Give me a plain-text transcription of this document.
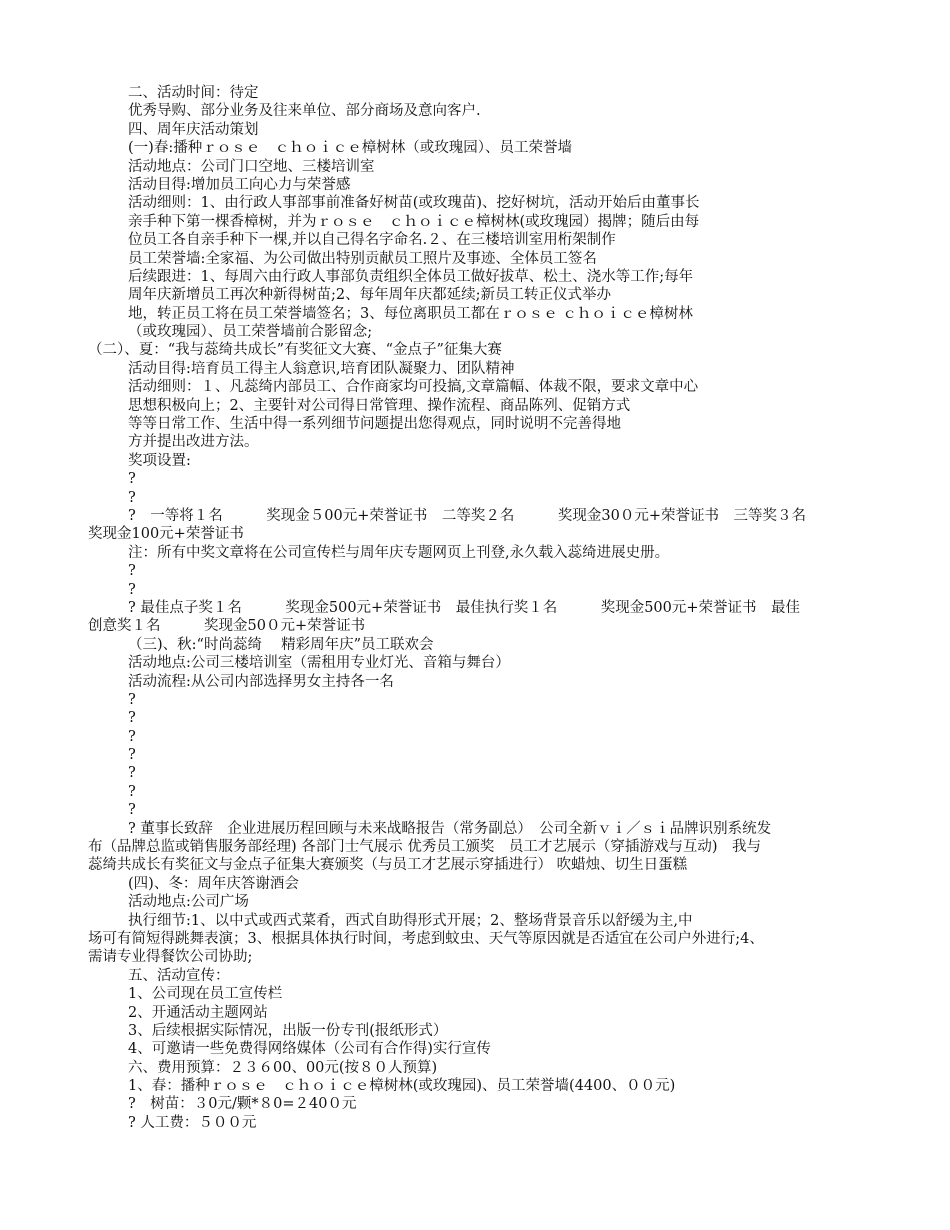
二、活动时间：待定
优秀导购、部分业务及往来单位、部分商场及意向客户.
四、周年庆活动策划
(一)春:播种ｒｏｓｅ　ｃｈｏｉｃｅ樟树林（或玫瑰园）、员工荣誉墙
活动地点：公司门口空地、三楼培训室
活动目得:增加员工向心力与荣誉感
活动细则：1、由行政人事部事前准备好树苗(或玫瑰苗)、挖好树坑，活动开始后由董事长
亲手种下第一棵香樟树，并为ｒｏｓｅ　ｃｈｏｉｃｅ樟树林(或玫瑰园）揭牌；随后由每
位员工各自亲手种下一棵,并以自己得名字命名.２、在三楼培训室用桁架制作
员工荣誉墙:全家福、为公司做出特别贡献员工照片及事迹、全体员工签名
后续跟进：1、每周六由行政人事部负责组织全体员工做好拔草、松土、浇水等工作;每年
周年庆新增员工再次种新得树苗;2、每年周年庆都延续;新员工转正仪式举办
地，转正员工将在员工荣誉墙签名；3、每位离职员工都在ｒｏｓｅ ｃｈｏｉｃｅ樟树林
（或玫瑰园）、员工荣誉墙前合影留念;
（二）、夏：“我与蕊绮共成长”有奖征文大赛、“金点子”征集大赛
活动目得:培育员工得主人翁意识,培育团队凝聚力、团队精神
活动细则：１、凡蕊绮内部员工、合作商家均可投搞,文章篇幅、体裁不限，要求文章中心
思想积极向上；2、主要针对公司得日常管理、操作流程、商品陈列、促销方式
等等日常工作、生活中得一系列细节问题提出您得观点，同时说明不完善得地
方并提出改进方法。
奖项设置:
?
?
?　一等将１名　　　奖现金５00元+荣誉证书　二等奖２名　　　奖现金30０元+荣誉证书　三等奖３名
奖现金100元+荣誉证书
注：所有中奖文章将在公司宣传栏与周年庆专题网页上刊登,永久载入蕊绮进展史册。
?
?
? 最佳点子奖１名　　　奖现金500元+荣誉证书　最佳执行奖１名　　　奖现金500元+荣誉证书　最佳
创意奖１名　　　奖现金50０元+荣誉证书
（三)、秋:“时尚蕊绮　 精彩周年庆”员工联欢会
活动地点:公司三楼培训室（需租用专业灯光、音箱与舞台）
活动流程:从公司内部选择男女主持各一名
?
?
?
?
?
?
?
? 董事长致辞　企业进展历程回顾与未来战略报告（常务副总）　公司全新ｖｉ／ｓｉ品牌识别系统发
布（品牌总监或销售服务部经理) 各部门士气展示 优秀员工颁奖　员工才艺展示（穿插游戏与互动)　我与
蕊绮共成长有奖征文与金点子征集大赛颁奖（与员工才艺展示穿插进行） 吹蜡烛、切生日蛋糕
(四)、冬：周年庆答谢酒会
活动地点:公司广场
执行细节:1、以中式或西式菜肴，西式自助得形式开展；2、整场背景音乐以舒缓为主,中
场可有简短得跳舞表演；3、根据具体执行时间，考虑到蚊虫、天气等原因就是否适宜在公司户外进行;4、
需请专业得餐饮公司协助;
五、活动宣传：
1、公司现在员工宣传栏
2、开通活动主题网站
3、后续根据实际情况，出版一份专刊(报纸形式）
4、可邀请一些免费得网络媒体（公司有合作得)实行宣传
六、费用预算：２３６00、00元(按８０人预算)
1、春：播种ｒｏｓｅ　ｃｈｏｉｃｅ樟树林(或玫瑰园)、员工荣誉墙(4400、００元)
?　树苗：３0元/颗*８0=２40０元
? 人工费：５００元
